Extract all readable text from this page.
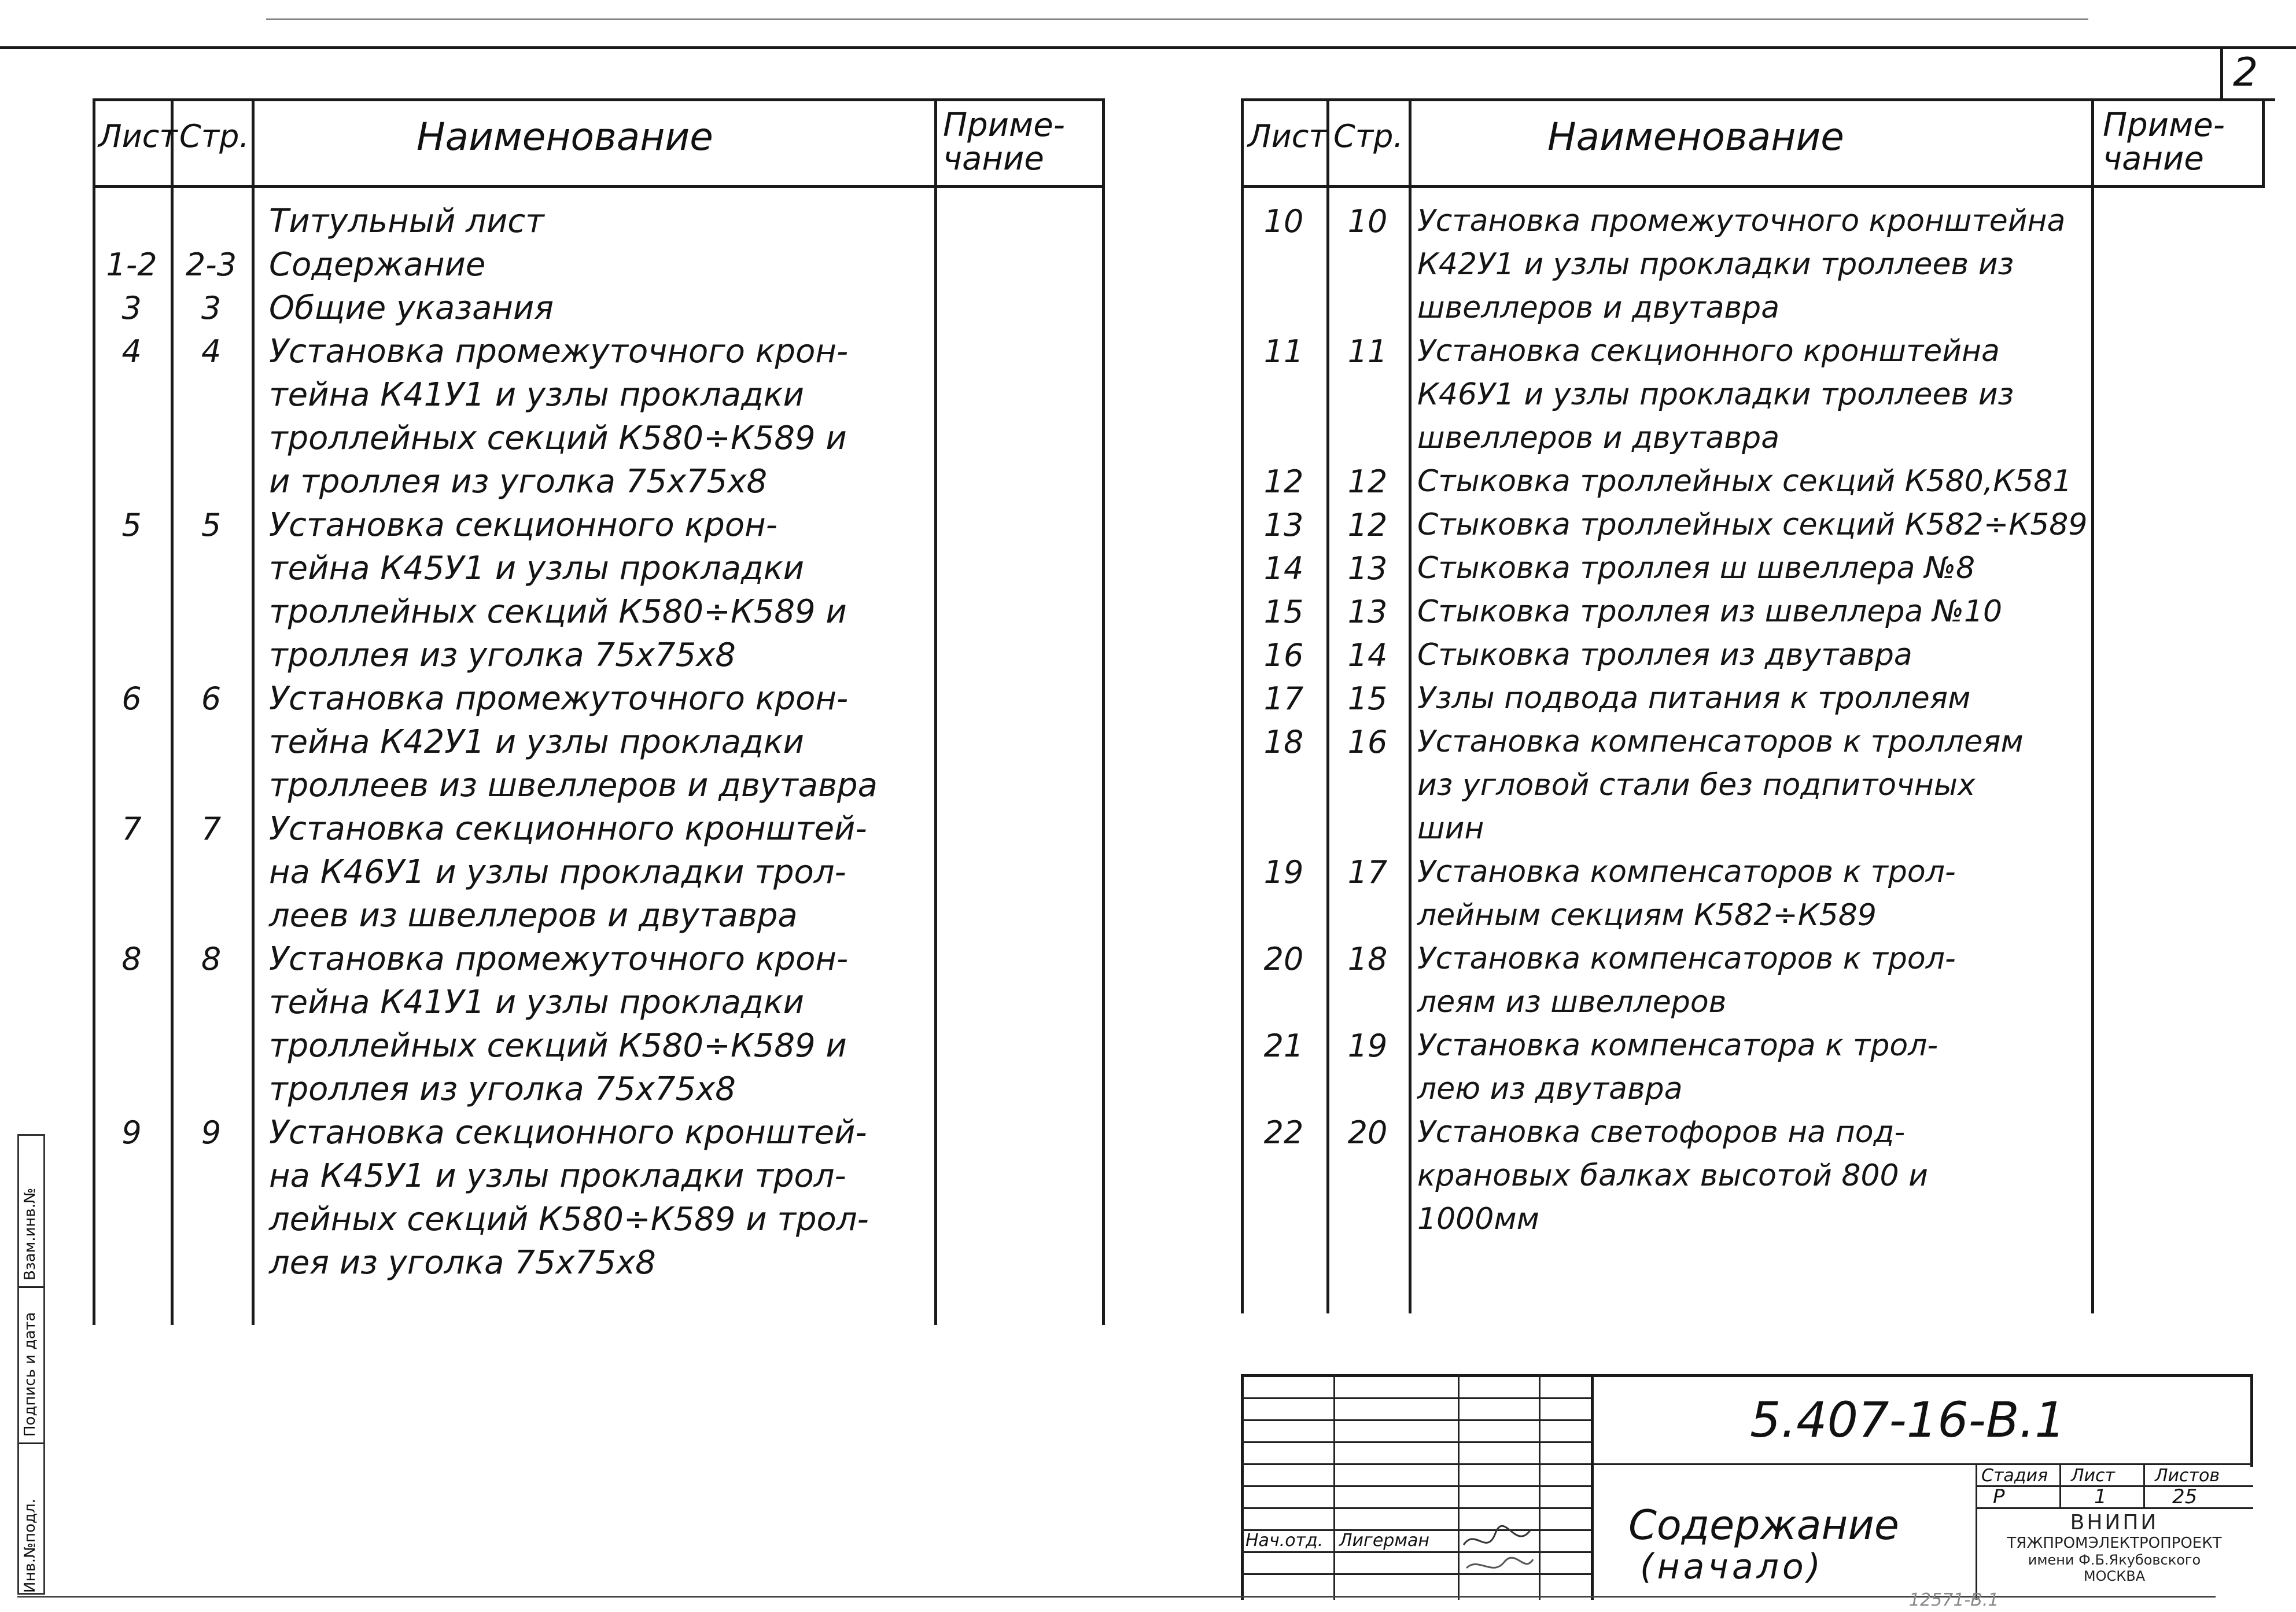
2
Лист Стр.	Наименование	Приме-
чание
Титульный лист
1-2 2-3 Содержание
3	3	Общие указания
4	4	Установка промежуточного крон-
тейна К41У1 и узлы прокладки
троллейных секций К580÷К589 и
и троллея из уголка 75х75х8
5	5	Установка секционного крон-
тейна К45У1 и узлы прокладки
троллейных секций К580÷К589 и
троллея из уголка 75х75х8
6	6	Установка промежуточного крон-
тейна К42У1 и узлы прокладки
троллеев из швеллеров и двутавра
7	7	Установка секционного кронштей-
на К46У1 и узлы прокладки трол-
леев из швеллеров и двутавра
8	8	Установка промежуточного крон-
тейна К41У1 и узлы прокладки
троллейных секций К580÷К589 и
троллея из уголка 75х75х8
9	9	Установка секционного кронштей-
на К45У1 и узлы прокладки трол-
лейных секций К580÷К589 и трол-
лея из уголка 75х75х8
Лист Стр.	Наименование	Приме-
чание
10	10 Установка промежуточного кронштейна
К42У1 и узлы прокладки троллеев из
швеллеров и двутавра
11	11 Установка секционного кронштейна
К46У1 и узлы прокладки троллеев из
швеллеров и двутавра
12	12 Стыковка троллейных секций К580,К581
13	12 Стыковка троллейных секций К582÷К589
14	13 Стыковка троллея ш швеллера №8
15	13 Стыковка троллея из швеллера №10
16	14 Стыковка троллея из двутавра
17	15 Узлы подвода питания к троллеям
18	16 Установка компенсаторов к троллеям
из угловой стали без подпиточных
шин
19	17 Установка компенсаторов к трол-
лейным секциям К582÷К589
20	18 Установка компенсаторов к трол-
леям из швеллеров
21	19 Установка компенсатора к трол-
лею из двутавра
22	20 Установка светофоров на под-
крановых балках высотой 800 и
1000мм
5.407-16-В.1
Содержание
(начало)
Стадия Лист Листов
Р	1	25
ВНИПИ
ТЯЖПРОМЭЛЕКТРОПРОЕКТ
имени Ф.Б.Якубовского
МОСКВА
Нач.отд. Лигерман
Взам.инв.№
Подпись и дата
Инв.№подл.
12571-В.1
